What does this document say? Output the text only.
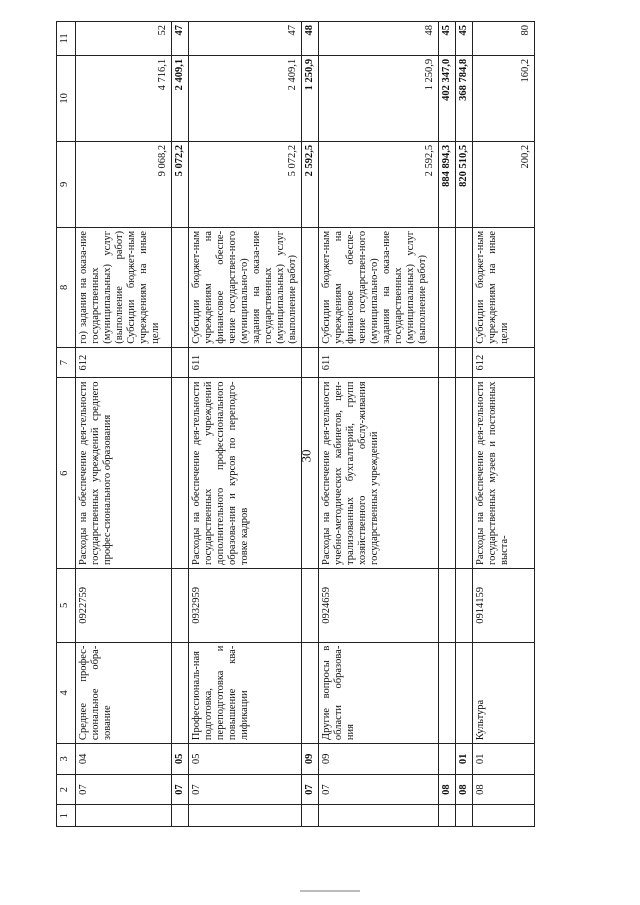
30
1	2	3	4	5	6	7	8	9	10	11
	07	04	Среднее профес-сиональное обра-зование	0922759	Расходы на обеспечение дея-тельности государственных учреждений среднего профес-сионального образования	612	го) задания на оказа-ние государственных (муниципальных) услуг (выполнение работ) Субсидии бюджет-ным учреждениям на иные цели	9 068,2	4 716,1	52
	07	05						5 072,2	2 409,1	47
	07	05	Профессиональ-ная подготовка, переподготовка и повышение ква-лификации	0932959	Расходы на обеспечение дея-тельности государственных учреждений дополнительного профессионального образова-ния и курсов по переподго-товке кадров	611	Субсидии бюджет-ным учреждениям на финансовое обеспе-чение государствен-ного (муниципально-го) задания на оказа-ние государственных (муниципальных) услуг (выполнение работ)	5 072,2	2 409,1	47
	07	09						2 592,5	1 250,9	48
	07	09	Другие вопросы в области образова-ния	0924659	Расходы на обеспечение дея-тельности учебно-методических кабинетов, цен-трализованных бухгалтерий, групп хозяйственного обслу-живания государственных учреждений	611	Субсидии бюджет-ным учреждениям на финансовое обеспе-чение государствен-ного (муниципально-го) задания на оказа-ние государственных (муниципальных) услуг (выполнение работ)	2 592,5	1 250,9	48
	08							884 894,3	402 347,0	45
	08	01						820 510,5	368 784,8	45
	08	01	Культура	0914159	Расходы на обеспечение дея-тельности государственных музеев и постоянных выста-	612	Субсидии бюджет-ным учреждениям на иные цели	200,2	160,2	80
